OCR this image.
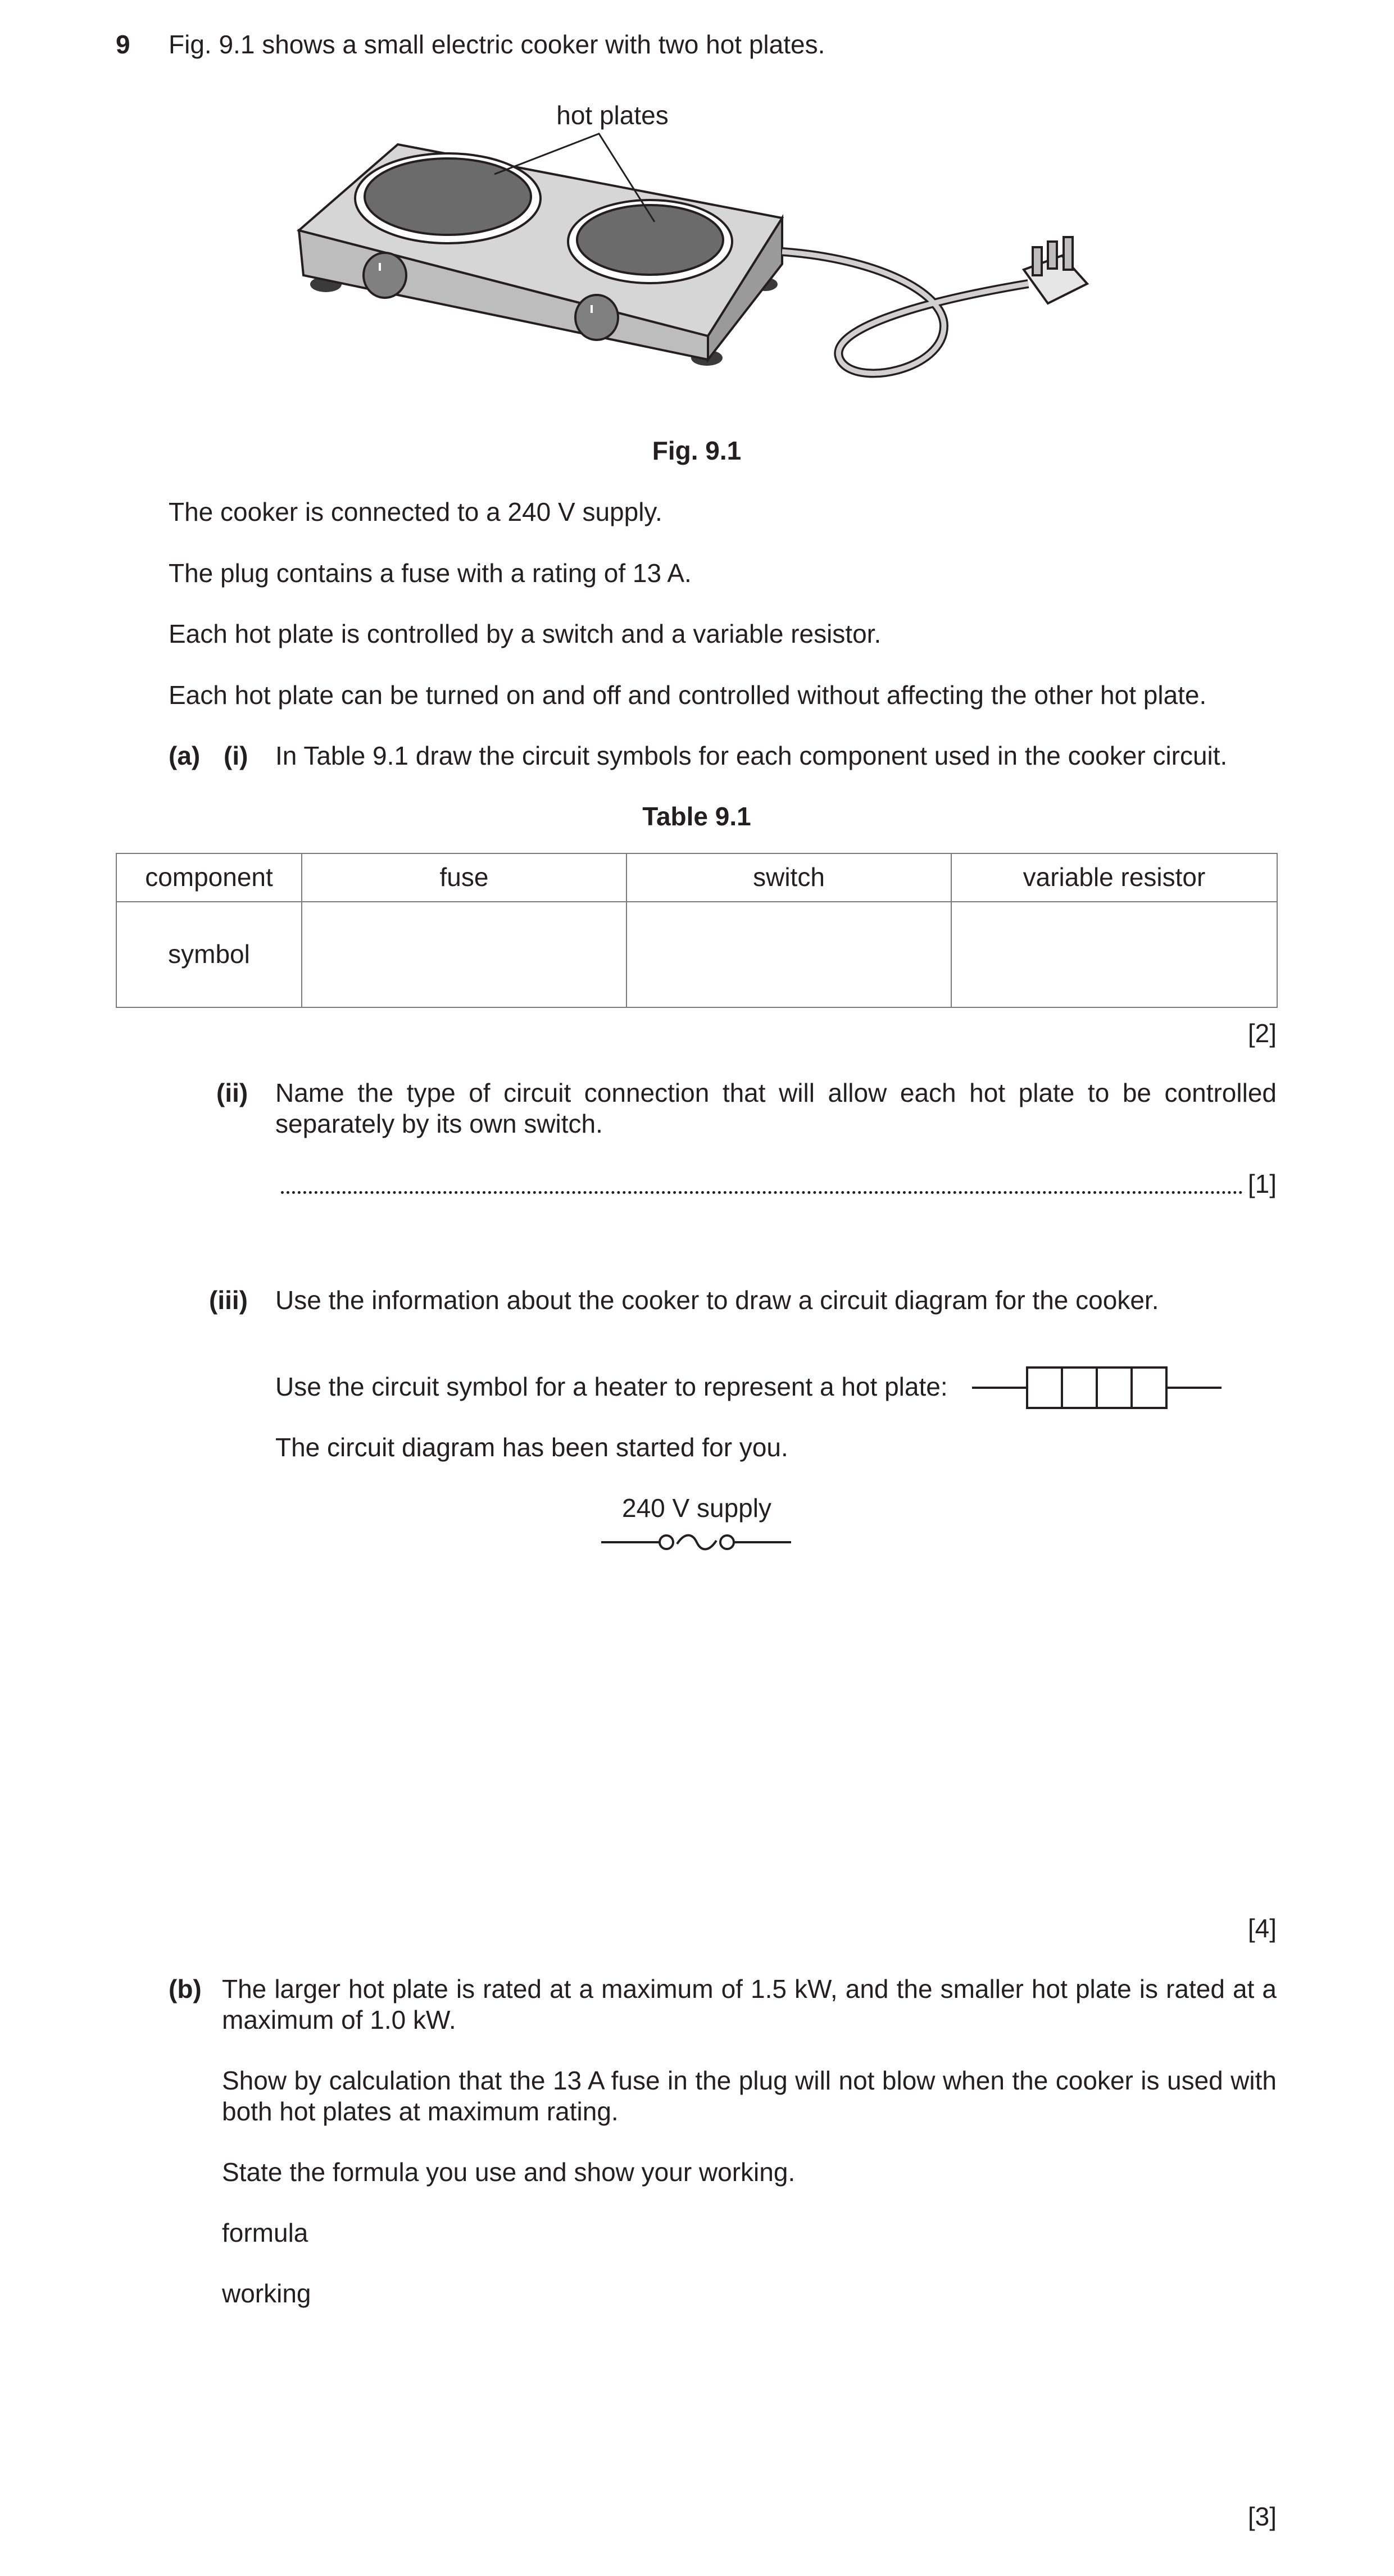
9 Fig. 9.1 shows a small electric cooker with two hot plates.
hot plates
Fig. 9.1
The cooker is connected to a 240 V supply.
The plug contains a fuse with a rating of 13 A.
Each hot plate is controlled by a switch and a variable resistor.
Each hot plate can be turned on and off and controlled without affecting the other hot plate.
(a) (i) In Table 9.1 draw the circuit symbols for each component used in the cooker circuit.
Table 9.1
component	fuse	switch	variable resistor
symbol			
[2]
(ii) Name the type of circuit connection that will allow each hot plate to be controlled separately by its own switch.
[1]
(iii) Use the information about the cooker to draw a circuit diagram for the cooker.
Use the circuit symbol for a heater to represent a hot plate:
The circuit diagram has been started for you.
240 V supply
[4]
(b) The larger hot plate is rated at a maximum of 1.5 kW, and the smaller hot plate is rated at a maximum of 1.0 kW.
Show by calculation that the 13 A fuse in the plug will not blow when the cooker is used with both hot plates at maximum rating.
State the formula you use and show your working.
formula
working
[3]
